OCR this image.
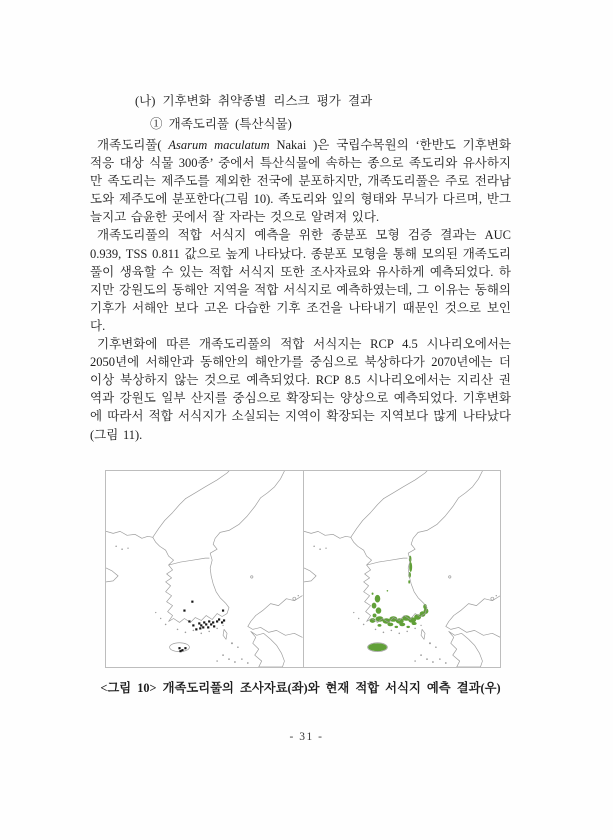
(나) 기후변화 취약종별 리스크 평가 결과
① 개족도리풀 (특산식물)

개족도리풀( Asarum maculatum Nakai )은 국립수목원의 ‘한반도 기후변화 적응 대상 식물 300종’ 중에서 특산식물에 속하는 종으로 족도리와 유사하지만 족도리는 제주도를 제외한 전국에 분포하지만, 개족도리풀은 주로 전라남도와 제주도에 분포한다(그림 10). 족도리와 잎의 형태와 무늬가 다르며, 반그늘지고 습윤한 곳에서 잘 자라는 것으로 알려져 있다.

개족도리풀의 적합 서식지 예측을 위한 종분포 모형 검증 결과는 AUC 0.939, TSS 0.811 값으로 높게 나타났다. 종분포 모형을 통해 모의된 개족도리풀이 생육할 수 있는 적합 서식지 또한 조사자료와 유사하게 예측되었다. 하지만 강원도의 동해안 지역을 적합 서식지로 예측하였는데, 그 이유는 동해의 기후가 서해안 보다 고온 다습한 기후 조건을 나타내기 때문인 것으로 보인다.

기후변화에 따른 개족도리풀의 적합 서식지는 RCP 4.5 시나리오에서는 2050년에 서해안과 동해안의 해안가를 중심으로 북상하다가 2070년에는 더 이상 북상하지 않는 것으로 예측되었다. RCP 8.5 시나리오에서는 지리산 권역과 강원도 일부 산지를 중심으로 확장되는 양상으로 예측되었다. 기후변화에 따라서 적합 서식지가 소실되는 지역이 확장되는 지역보다 많게 나타났다(그림 11).

<그림 10> 개족도리풀의 조사자료(좌)와 현재 적합 서식지 예측 결과(우)
- 31 -
